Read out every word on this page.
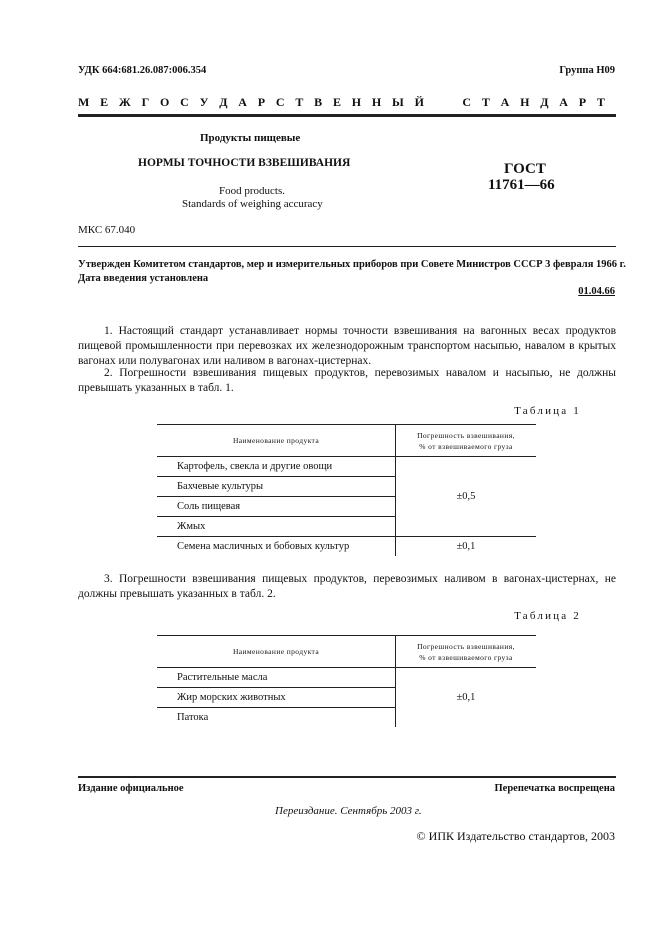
УДК 664:681.26.087:006.354	Группа Н09
М Е Ж Г О С У Д А Р С Т В Е Н Н Ы Й     С Т А Н Д А Р Т
Продукты пищевые
НОРМЫ ТОЧНОСТИ ВЗВЕШИВАНИЯ
Food products.
Standards of weighing accuracy
ГОСТ
11761—66
МКС 67.040
Утвержден Комитетом стандартов, мер и измерительных приборов при Совете Министров СССР 3 февраля 1966 г.
Дата введения установлена
01.04.66
1. Настоящий стандарт устанавливает нормы точности взвешивания на вагонных весах продуктов пищевой промышленности при перевозках их железнодорожным транспортом насыпью, навалом в крытых вагонах или полувагонах или наливом в вагонах-цистернах.
2. Погрешности взвешивания пищевых продуктов, перевозимых навалом и насыпью, не должны превышать указанных в табл. 1.
Таблица 1
Наименование продукта	Погрешность взвешивания,
% от взвешиваемого груза
Картофель, свекла и другие овощи	±0,5
Бахчевые культуры	
Соль пищевая	
Жмых	
Семена масличных и бобовых культур	±0,1
3. Погрешности взвешивания пищевых продуктов, перевозимых наливом в вагонах-цистернах, не должны превышать указанных в табл. 2.
Таблица 2
Наименование продукта	Погрешность взвешивания,
% от взвешиваемого груза
Растительные масла	±0,1
Жир морских животных	
Патока	
Издание официальное	Перепечатка воспрещена
Переиздание. Сентябрь 2003 г.
© ИПК Издательство стандартов, 2003
